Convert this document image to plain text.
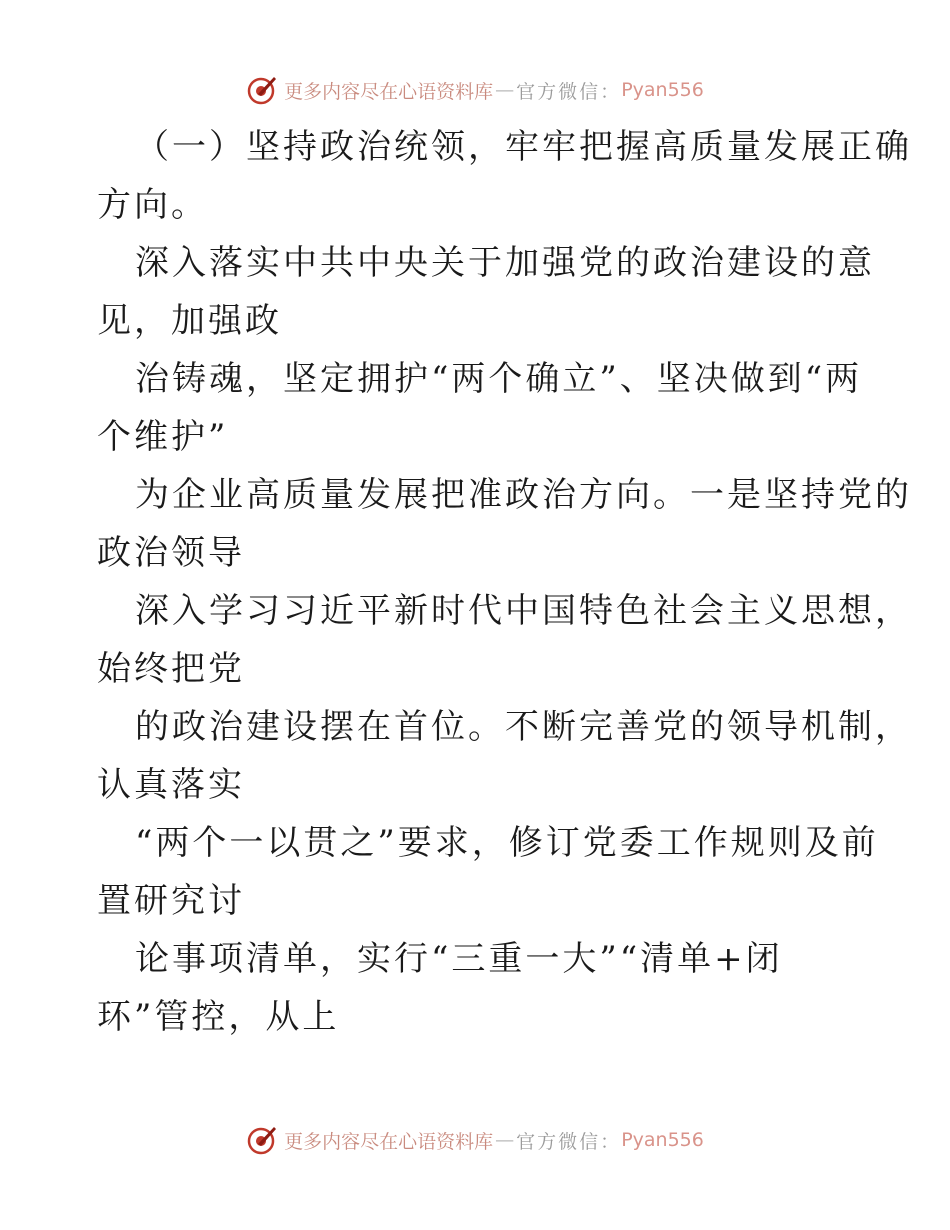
更多内容尽在心语资料库 — 官方微信： Pyan556
（一）坚持政治统领，牢牢把握高质量发展正确
方向。
深入落实中共中央关于加强党的政治建设的意
见，加强政
治铸魂，坚定拥护“两个确立”、坚决做到“两
个维护”
为企业高质量发展把准政治方向。一是坚持党的
政治领导
深入学习习近平新时代中国特色社会主义思想，
始终把党
的政治建设摆在首位。不断完善党的领导机制，
认真落实
“两个一以贯之”要求，修订党委工作规则及前
置研究讨
论事项清单，实行“三重一大”“清单+闭
环”管控，从上
更多内容尽在心语资料库 — 官方微信： Pyan556
